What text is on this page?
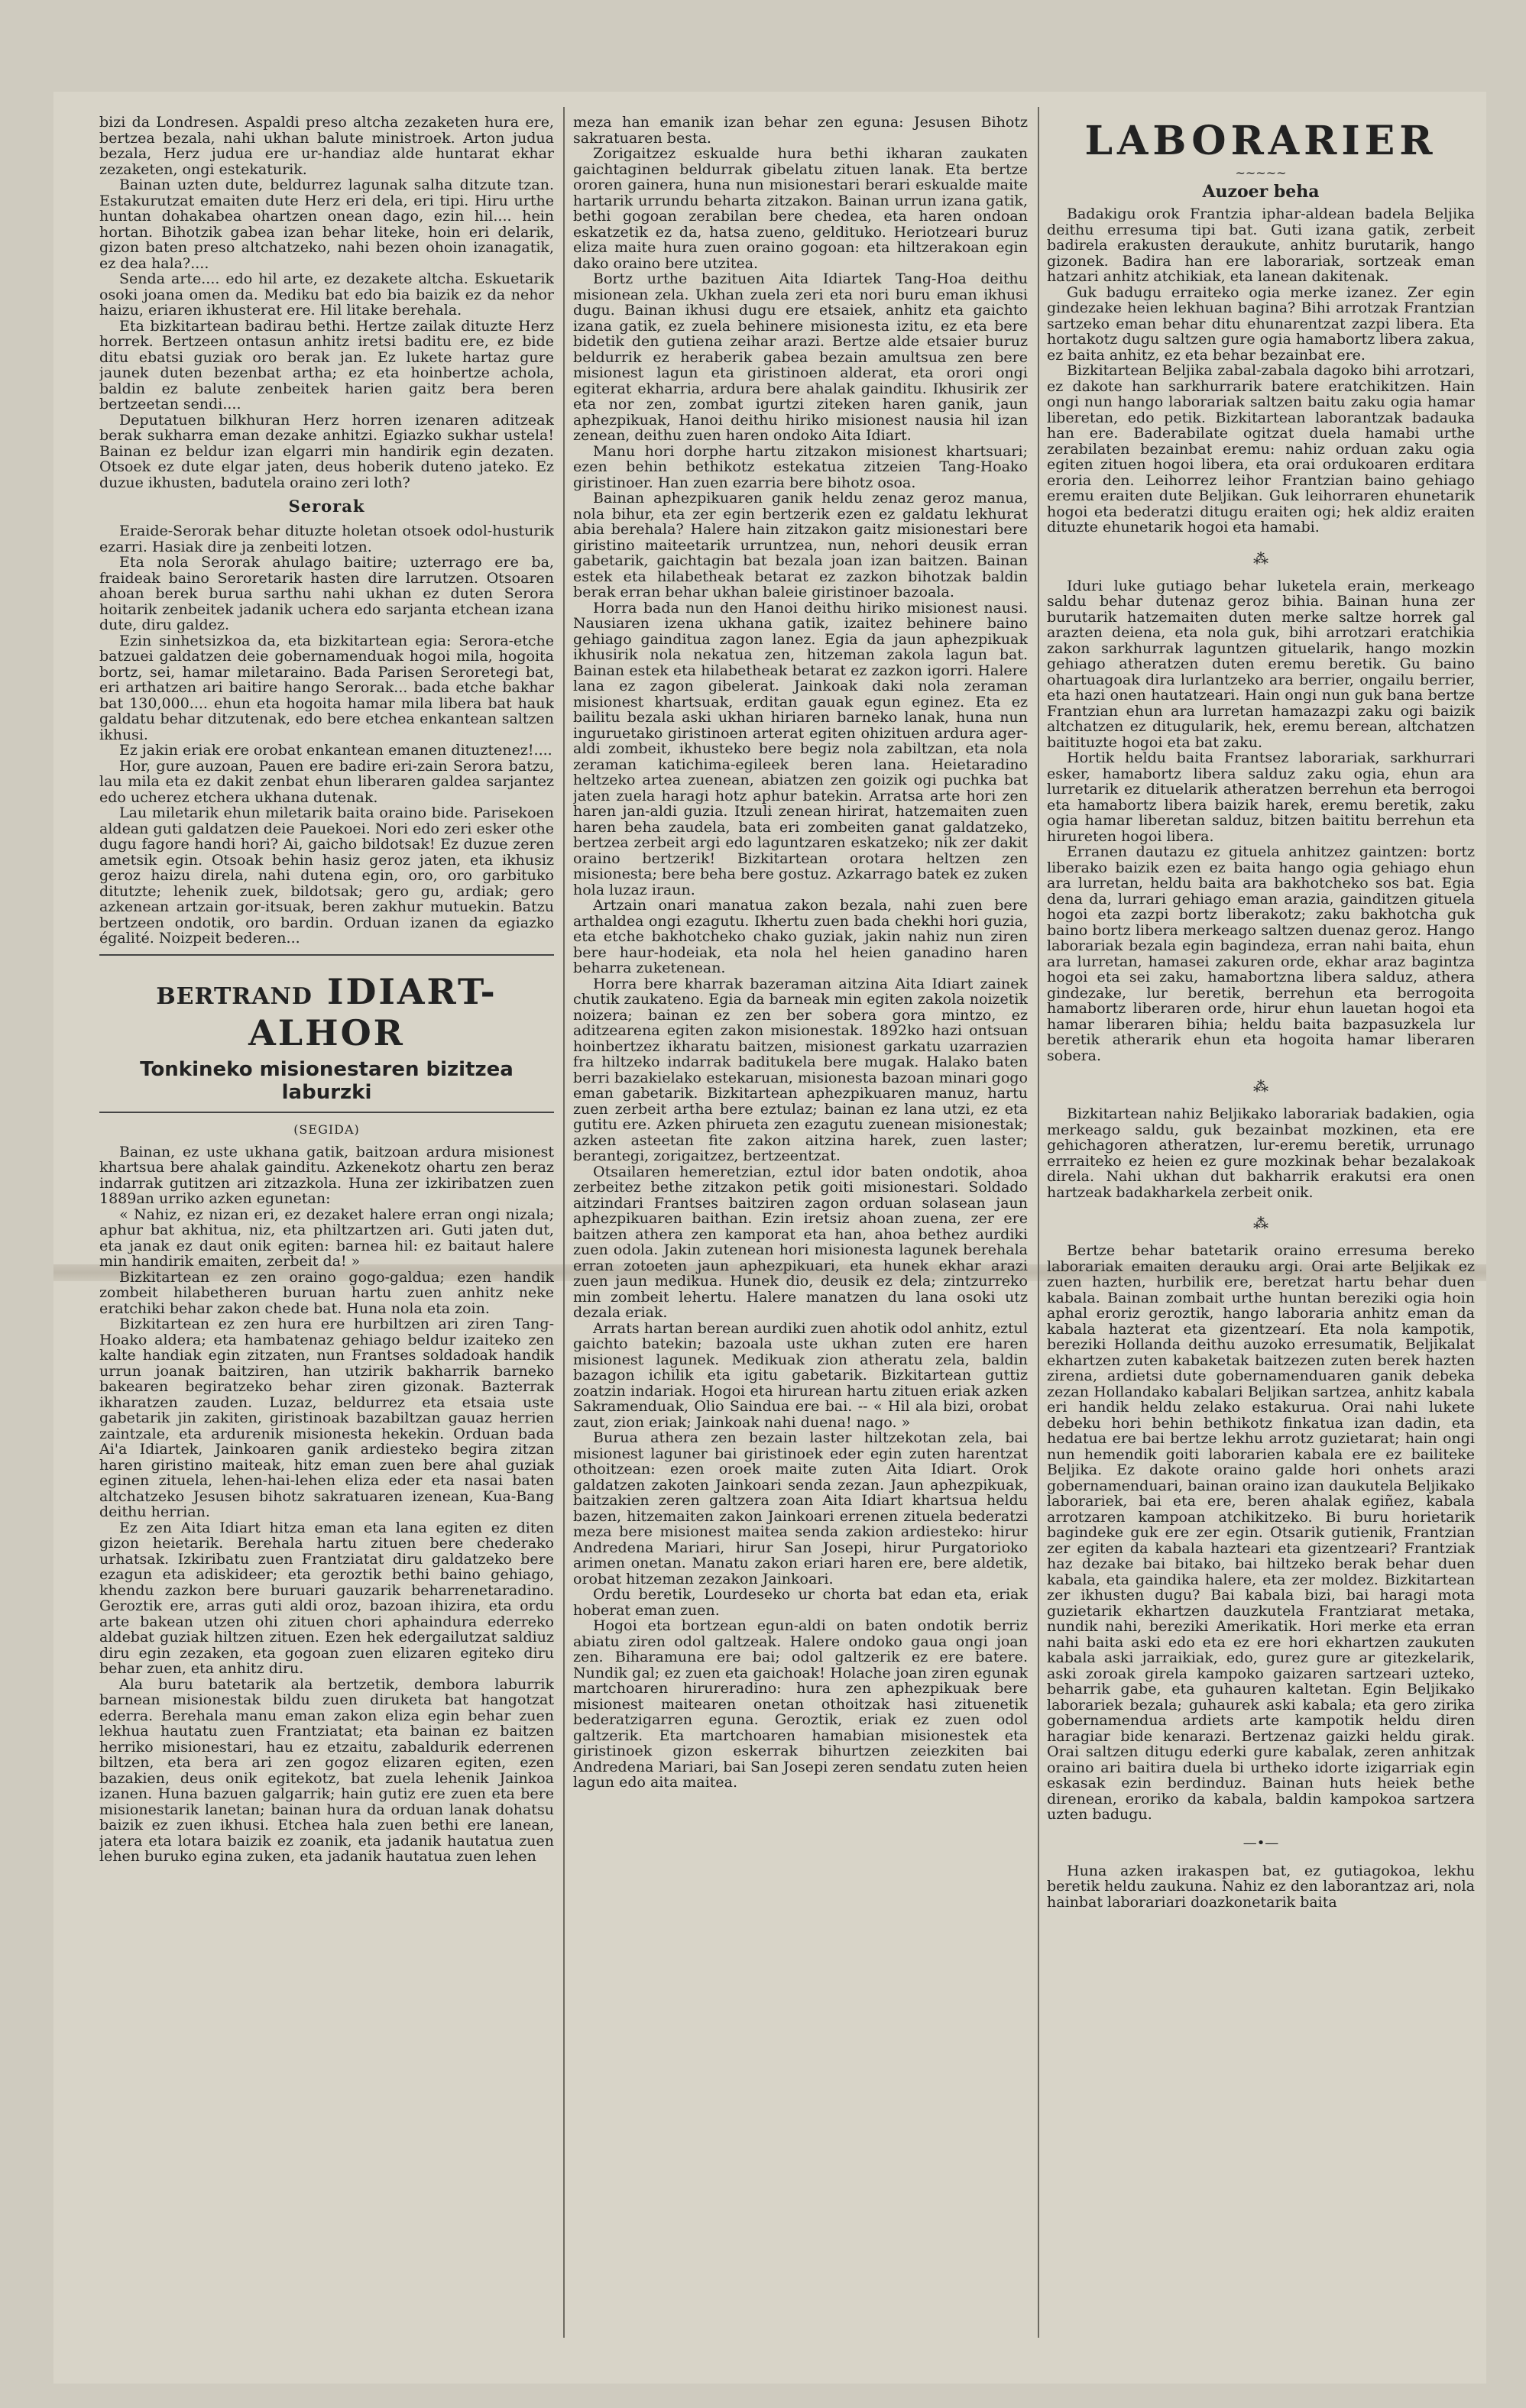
bizi da Londresen. Aspaldi preso altcha zezaketen hura ere, bertzea bezala, nahi ukhan balute ministroek. Arton judua bezala, Herz judua ere ur-handiaz alde huntarat ekhar zezaketen, ongi estekaturik.

Bainan uzten dute, beldurrez lagunak salha ditzute tzan. Estakurutzat emaiten dute Herz eri dela, eri tipi. Hiru urthe huntan dohakabea ohartzen onean dago, ezin hil.... hein hortan. Bihotzik gabea izan behar liteke, hoin eri delarik, gizon baten preso altchatzeko, nahi bezen ohoin izanagatik, ez dea hala?....

Senda arte.... edo hil arte, ez dezakete altcha. Eskuetarik osoki joana omen da. Mediku bat edo bia baizik ez da nehor haizu, eriaren ikhusterat ere. Hil litake berehala.

Eta bizkitartean badirau bethi. Hertze zailak dituzte Herz horrek. Bertzeen ontasun anhitz iretsi baditu ere, ez bide ditu ebatsi guziak oro berak jan. Ez lukete hartaz gure jaunek duten bezenbat artha; ez eta hoinbertze achola, baldin ez balute zenbeitek harien gaitz bera beren bertzeetan sendi....

Deputatuen bilkhuran Herz horren izenaren aditzeak berak sukharra eman dezake anhitzi. Egiazko sukhar ustela! Bainan ez beldur izan elgarri min handirik egin dezaten. Otsoek ez dute elgar jaten, deus hoberik duteno jateko. Ez duzue ikhusten, badutela oraino zeri loth?

Serorak

Eraide-Serorak behar dituzte holetan otsoek odol-husturik ezarri. Hasiak dire ja zenbeiti lotzen.

Eta nola Serorak ahulago baitire; uzterrago ere ba, fraideak baino Seroretarik hasten dire larrutzen. Otsoaren ahoan berek burua sarthu nahi ukhan ez duten Serora hoitarik zenbeitek jadanik uchera edo sarjanta etchean izana dute, diru galdez.

Ezin sinhetsizkoa da, eta bizkitartean egia: Serora-etche batzuei galdatzen deie gobernamenduak hogoi mila, hogoita bortz, sei, hamar miletaraino. Bada Parisen Seroretegi bat, eri arthatzen ari baitire hango Serorak... bada etche bakhar bat 130,000.... ehun eta hogoita hamar mila libera bat hauk galdatu behar ditzutenak, edo bere etchea enkantean saltzen ikhusi.

Ez jakin eriak ere orobat enkantean emanen dituztenez!....

Hor, gure auzoan, Pauen ere badire eri-zain Serora batzu, lau mila eta ez dakit zenbat ehun liberaren galdea sarjantez edo ucherez etchera ukhana dutenak.

Lau miletarik ehun miletarik baita oraino bide. Parisekoen aldean guti galdatzen deie Pauekoei. Nori edo zeri esker othe dugu fagore handi hori? Ai, gaicho bildotsak! Ez duzue zeren ametsik egin. Otsoak behin hasiz geroz jaten, eta ikhusiz geroz haizu direla, nahi dutena egin, oro, oro garbituko ditutzte; lehenik zuek, bildotsak; gero gu, ardiak; gero azkenean artzain gor-itsuak, beren zakhur mutuekin. Batzu bertzeen ondotik, oro bardin. Orduan izanen da egiazko égalité. Noizpeit bederen...

BERTRAND IDIART-ALHOR
Tonkineko misionestaren bizitzea laburzki
(SEGIDA)

Bainan, ez uste ukhana gatik, baitzoan ardura misionest khartsua bere ahalak gainditu. Azkenekotz ohartu zen beraz indarrak gutitzen ari zitzazkola. Huna zer izkiribatzen zuen 1889an urriko azken egunetan:

« Nahiz, ez nizan eri, ez dezaket halere erran ongi nizala; aphur bat akhitua, niz, eta philtzartzen ari. Guti jaten dut, eta janak ez daut onik egiten: barnea hil: ez baitaut halere min handirik emaiten, zerbeit da! »

Bizkitartean ez zen oraino gogo-galdua; ezen handik zombeit hilabetheren buruan hartu zuen anhitz neke eratchiki behar zakon chede bat. Huna nola eta zoin.

Bizkitartean ez zen hura ere hurbiltzen ari ziren Tang-Hoako aldera; eta hambatenaz gehiago beldur izaiteko zen kalte handiak egin zitzaten, nun Frantses soldadoak handik urrun joanak baitziren, han utzirik bakharrik barneko bakearen begiratzeko behar ziren gizonak. Bazterrak ikharatzen zauden. Luzaz, beldurrez eta etsaia uste gabetarik jin zakiten, giristinoak bazabiltzan gauaz herrien zaintzale, eta ardurenik misionesta hekekin. Orduan bada Ai'a Idiartek, Jainkoaren ganik ardiesteko begira zitzan haren giristino maiteak, hitz eman zuen bere ahal guziak eginen zituela, lehen-hai-lehen eliza eder eta nasai baten altchatzeko Jesusen bihotz sakratuaren izenean, Kua-Bang deithu herrian.

Ez zen Aita Idiart hitza eman eta lana egiten ez diten gizon heietarik. Berehala hartu zituen bere chederako urhatsak. Izkiribatu zuen Frantziatat diru galdatzeko bere ezagun eta adiskideer; eta geroztik bethi baino gehiago, khendu zazkon bere buruari gauzarik beharrenetaradino. Geroztik ere, arras guti aldi oroz, bazoan ihizira, eta ordu arte bakean utzen ohi zituen chori aphaindura ederreko aldebat guziak hiltzen zituen. Ezen hek edergailutzat saldiuz diru egin zezaken, eta gogoan zuen elizaren egiteko diru behar zuen, eta anhitz diru.

Ala buru batetarik ala bertzetik, dembora laburrik barnean misionestak bildu zuen diruketa bat hangotzat ederra. Berehala manu eman zakon eliza egin behar zuen lekhua hautatu zuen Frantziatat; eta bainan ez baitzen herriko misionestari, hau ez etzaitu, zabaldurik ederrenen biltzen, eta bera ari zen gogoz elizaren egiten, ezen bazakien, deus onik egitekotz, bat zuela lehenik Jainkoa izanen. Huna bazuen galgarrik; hain gutiz ere zuen eta bere misionestarik lanetan; bainan hura da orduan lanak dohatsu baizik ez zuen ikhusi. Etchea hala zuen bethi ere lanean, jatera eta lotara baizik ez zoanik, eta jadanik hautatua zuen lehen buruko egina zuken, eta jadanik hautatua zuen lehen

meza han emanik izan behar zen eguna: Jesusen Bihotz sakratuaren besta.

Zorigaitzez eskualde hura bethi ikharan zaukaten gaichtaginen beldurrak gibelatu zituen lanak. Eta bertze ororen gainera, huna nun misionestari berari eskualde maite hartarik urrundu beharta zitzakon. Bainan urrun izana gatik, bethi gogoan zerabilan bere chedea, eta haren ondoan eskatzetik ez da, hatsa zueno, geldituko. Heriotzeari buruz eliza maite hura zuen oraino gogoan: eta hiltzerakoan egin dako oraino bere utzitea.

Bortz urthe bazituen Aita Idiartek Tang-Hoa deithu misionean zela. Ukhan zuela zeri eta nori buru eman ikhusi dugu. Bainan ikhusi dugu ere etsaiek, anhitz eta gaichto izana gatik, ez zuela behinere misionesta izitu, ez eta bere bidetik den gutiena zeihar arazi. Bertze alde etsaier buruz beldurrik ez heraberik gabea bezain amultsua zen bere misionest lagun eta giristinoen alderat, eta orori ongi egiterat ekharria, ardura bere ahalak gainditu. Ikhusirik zer eta nor zen, zombat igurtzi ziteken haren ganik, jaun aphezpikuak, Hanoi deithu hiriko misionest nausia hil izan zenean, deithu zuen haren ondoko Aita Idiart.

Manu hori dorphe hartu zitzakon misionest khartsuari; ezen behin bethikotz estekatua zitzeien Tang-Hoako giristinoer. Han zuen ezarria bere bihotz osoa.

Bainan aphezpikuaren ganik heldu zenaz geroz manua, nola bihur, eta zer egin bertzerik ezen ez galdatu lekhurat abia berehala? Halere hain zitzakon gaitz misionestari bere giristino maiteetarik urruntzea, nun, nehori deusik erran gabetarik, gaichtagin bat bezala joan izan baitzen. Bainan estek eta hilabetheak betarat ez zazkon bihotzak baldin berak erran behar ukhan baleie giristinoer bazoala.

Horra bada nun den Hanoi deithu hiriko misionest nausi. Nausiaren izena ukhana gatik, izaitez behinere baino gehiago gainditua zagon lanez. Egia da jaun aphezpikuak ikhusirik nola nekatua zen, hitzeman zakola lagun bat. Bainan estek eta hilabetheak betarat ez zazkon igorri. Halere lana ez zagon gibelerat. Jainkoak daki nola zeraman misionest khartsuak, erditan gauak egun eginez. Eta ez bailitu bezala aski ukhan hiriaren barneko lanak, huna nun inguruetako giristinoen arterat egiten ohizituen ardura ager-aldi zombeit, ikhusteko bere begiz nola zabiltzan, eta nola zeraman katichima-egileek beren lana. Heietaradino heltzeko artea zuenean, abiatzen zen goizik ogi puchka bat jaten zuela haragi hotz aphur batekin. Arratsa arte hori zen haren jan-aldi guzia. Itzuli zenean hirirat, hatzemaiten zuen haren beha zaudela, bata eri zombeiten ganat galdatzeko, bertzea zerbeit argi edo laguntzaren eskatzeko; nik zer dakit oraino bertzerik! Bizkitartean orotara heltzen zen misionesta; bere beha bere gostuz. Azkarrago batek ez zuken hola luzaz iraun.

Artzain onari manatua zakon bezala, nahi zuen bere arthaldea ongi ezagutu. Ikhertu zuen bada chekhi hori guzia, eta etche bakhotcheko chako guziak, jakin nahiz nun ziren bere haur-hodeiak, eta nola hel heien ganadino haren beharra zuketenean.

Horra bere kharrak bazeraman aitzina Aita Idiart zainek chutik zaukateno. Egia da barneak min egiten zakola noizetik noizera; bainan ez zen ber sobera gora mintzo, ez aditzearena egiten zakon misionestak. 1892ko hazi ontsuan hoinbertzez ikharatu baitzen, misionest garkatu uzarrazien fra hiltzeko indarrak baditukela bere mugak. Halako baten berri bazakielako estekaruan, misionesta bazoan minari gogo eman gabetarik. Bizkitartean aphezpikuaren manuz, hartu zuen zerbeit artha bere eztulaz; bainan ez lana utzi, ez eta gutitu ere. Azken phirueta zen ezagutu zuenean misionestak; azken asteetan fite zakon aitzina harek, zuen laster; berantegi, zorigaitzez, bertzeentzat.

Otsailaren hemeretzian, eztul idor baten ondotik, ahoa zerbeitez bethe zitzakon petik goiti misionestari. Soldado aitzindari Frantses baitziren zagon orduan solasean jaun aphezpikuaren baithan. Ezin iretsiz ahoan zuena, zer ere baitzen athera zen kamporat eta han, ahoa bethez aurdiki zuen odola. Jakin zutenean hori misionesta lagunek berehala erran zotoeten jaun aphezpikuari, eta hunek ekhar arazi zuen jaun medikua. Hunek dio, deusik ez dela; zintzurreko min zombeit lehertu. Halere manatzen du lana osoki utz dezala eriak.

Arrats hartan berean aurdiki zuen ahotik odol anhitz, eztul gaichto batekin; bazoala uste ukhan zuten ere haren misionest lagunek. Medikuak zion atheratu zela, baldin bazagon ichilik eta igitu gabetarik. Bizkitartean guttiz zoatzin indariak. Hogoi eta hirurean hartu zituen eriak azken Sakramenduak, Olio Saindua ere bai. -- « Hil ala bizi, orobat zaut, zion eriak; Jainkoak nahi duena! nago. »

Burua athera zen bezain laster hiltzekotan zela, bai misionest laguner bai giristinoek eder egin zuten harentzat othoitzean: ezen oroek maite zuten Aita Idiart. Orok galdatzen zakoten Jainkoari senda zezan. Jaun aphezpikuak, baitzakien zeren galtzera zoan Aita Idiart khartsua heldu bazen, hitzemaiten zakon Jainkoari errenen zituela bederatzi meza bere misionest maitea senda zakion ardiesteko: hirur Andredena Mariari, hirur San Josepi, hirur Purgatorioko arimen onetan. Manatu zakon eriari haren ere, bere aldetik, orobat hitzeman zezakon Jainkoari.

Ordu beretik, Lourdeseko ur chorta bat edan eta, eriak hoberat eman zuen.

Hogoi eta bortzean egun-aldi on baten ondotik berriz abiatu ziren odol galtzeak. Halere ondoko gaua ongi joan zen. Biharamuna ere bai; odol galtzerik ez ere batere. Nundik gal; ez zuen eta gaichoak! Holache joan ziren egunak martchoaren hirureradino: hura zen aphezpikuak bere misionest maitearen onetan othoitzak hasi zituenetik bederatzigarren eguna. Geroztik, eriak ez zuen odol galtzerik. Eta martchoaren hamabian misionestek eta giristinoek gizon eskerrak bihurtzen zeiezkiten bai Andredena Mariari, bai San Josepi zeren sendatu zuten heien lagun edo aita maitea.

LABORARIER
~~~~~
Auzoer beha

Badakigu orok Frantzia iphar-aldean badela Beljika deithu erresuma tipi bat. Guti izana gatik, zerbeit badirela erakusten deraukute, anhitz burutarik, hango gizonek. Badira han ere laborariak, sortzeak eman hatzari anhitz atchikiak, eta lanean dakitenak.

Guk badugu erraiteko ogia merke izanez. Zer egin gindezake heien lekhuan bagina? Bihi arrotzak Frantzian sartzeko eman behar ditu ehunarentzat zazpi libera. Eta hortakotz dugu saltzen gure ogia hamabortz libera zakua, ez baita anhitz, ez eta behar bezainbat ere.

Bizkitartean Beljika zabal-zabala dagoko bihi arrotzari, ez dakote han sarkhurrarik batere eratchikitzen. Hain ongi nun hango laborariak saltzen baitu zaku ogia hamar liberetan, edo petik. Bizkitartean laborantzak badauka han ere. Baderabilate ogitzat duela hamabi urthe zerabilaten bezainbat eremu: nahiz orduan zaku ogia egiten zituen hogoi libera, eta orai ordukoaren erditara eroria den. Leihorrez leihor Frantzian baino gehiago eremu eraiten dute Beljikan. Guk leihorraren ehunetarik hogoi eta bederatzi ditugu eraiten ogi; hek aldiz eraiten dituzte ehunetarik hogoi eta hamabi.

⁂

Iduri luke gutiago behar luketela erain, merkeago saldu behar dutenaz geroz bihia. Bainan huna zer burutarik hatzemaiten duten merke saltze horrek gal arazten deiena, eta nola guk, bihi arrotzari eratchikia zakon sarkhurrak laguntzen gituelarik, hango mozkin gehiago atheratzen duten eremu beretik. Gu baino ohartuagoak dira lurlantzeko ara berrier, ongailu berrier, eta hazi onen hautatzeari. Hain ongi nun guk bana bertze Frantzian ehun ara lurretan hamazazpi zaku ogi baizik altchatzen ez ditugularik, hek, eremu berean, altchatzen baitituzte hogoi eta bat zaku.

Hortik heldu baita Frantsez laborariak, sarkhurrari esker, hamabortz libera salduz zaku ogia, ehun ara lurretarik ez dituelarik atheratzen berrehun eta berrogoi eta hamabortz libera baizik harek, eremu beretik, zaku ogia hamar liberetan salduz, bitzen baititu berrehun eta hirureten hogoi libera.

Erranen dautazu ez gituela anhitzez gaintzen: bortz liberako baizik ezen ez baita hango ogia gehiago ehun ara lurretan, heldu baita ara bakhotcheko sos bat. Egia dena da, lurrari gehiago eman arazia, gainditzen gituela hogoi eta zazpi bortz liberakotz; zaku bakhotcha guk baino bortz libera merkeago saltzen duenaz geroz. Hango laborariak bezala egin bagindeza, erran nahi baita, ehun ara lurretan, hamasei zakuren orde, ekhar araz bagintza hogoi eta sei zaku, hamabortzna libera salduz, athera gindezake, lur beretik, berrehun eta berrogoita hamabortz liberaren orde, hirur ehun lauetan hogoi eta hamar liberaren bihia; heldu baita bazpasuzkela lur beretik atherarik ehun eta hogoita hamar liberaren sobera.

⁂

Bizkitartean nahiz Beljikako laborariak badakien, ogia merkeago saldu, guk bezainbat mozkinen, eta ere gehichagoren atheratzen, lur-eremu beretik, urrunago errraiteko ez heien ez gure mozkinak behar bezalakoak direla. Nahi ukhan dut bakharrik erakutsi era onen hartzeak badakharkela zerbeit onik.

⁂

Bertze behar batetarik oraino erresuma bereko laborariak emaiten derauku argi. Orai arte Beljikak ez zuen hazten, hurbilik ere, beretzat hartu behar duen kabala. Bainan zombait urthe huntan bereziki ogia hoin aphal eroriz geroztik, hango laboraria anhitz eman da kabala hazterat eta gizentzearí. Eta nola kampotik, bereziki Hollanda deithu auzoko erresumatik, Beljikalat ekhartzen zuten kabaketak baitzezen zuten berek hazten zirena, ardietsi dute gobernamenduaren ganik debeka zezan Hollandako kabalari Beljikan sartzea, anhitz kabala eri handik heldu zelako estakurua. Orai nahi lukete debeku hori behin bethikotz finkatua izan dadin, eta hedatua ere bai bertze lekhu arrotz guzietarat; hain ongi nun hemendik goiti laborarien kabala ere ez bailiteke Beljika. Ez dakote oraino galde hori onhets arazi gobernamenduari, bainan oraino izan daukutela Beljikako laborariek, bai eta ere, beren ahalak egiñez, kabala arrotzaren kampoan atchikitzeko. Bi buru horietarik bagindeke guk ere zer egin. Otsarik gutienik, Frantzian zer egiten da kabala hazteari eta gizentzeari? Frantziak haz dezake bai bitako, bai hiltzeko berak behar duen kabala, eta gaindika halere, eta zer moldez. Bizkitartean zer ikhusten dugu? Bai kabala bizi, bai haragi mota guzietarik ekhartzen dauzkutela Frantziarat metaka, nundik nahi, bereziki Amerikatik. Hori merke eta erran nahi baita aski edo eta ez ere hori ekhartzen zaukuten kabala aski jarraikiak, edo, gurez gure ar gitezkelarik, aski zoroak girela kampoko gaizaren sartzeari uzteko, beharrik gabe, eta guhauren kaltetan. Egin Beljikako laborariek bezala; guhaurek aski kabala; eta gero zirika gobernamendua ardiets arte kampotik heldu diren haragiar bide kenarazi. Bertzenaz gaizki heldu girak. Orai saltzen ditugu ederki gure kabalak, zeren anhitzak oraino ari baitira duela bi urtheko idorte izigarriak egin eskasak ezin berdinduz. Bainan huts heiek bethe direnean, eroriko da kabala, baldin kampokoa sartzera uzten badugu.

—•—

Huna azken irakaspen bat, ez gutiagokoa, lekhu beretik heldu zaukuna. Nahiz ez den laborantzaz ari, nola hainbat laborariari doazkonetarik baita
